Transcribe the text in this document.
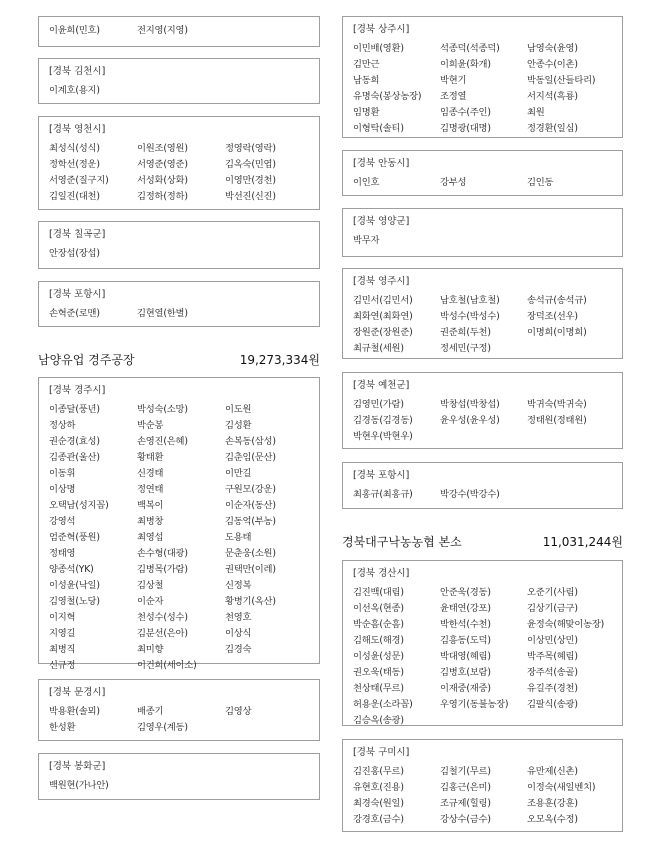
이윤희(민호)	전지영(지영)
[경북 김천시]
이계호(용지)
[경북 영천시]
최성식(성식)	이원조(영원)	정영락(영락)
정학선(정운)	서영준(영준)	김옥숙(민엽)
서영준(질구지)	서성화(상화)	이영만(경천)
김일진(대천)	김정하(정하)	박선진(신진)
[경북 칠곡군]
안장섭(장섭)
[경북 포항시]
손혁준(로맨)	김현열(한별)
남양유업 경주공장	19,273,334원
[경북 경주시]
이종달(풍년)	박성숙(소망)	이도원
정상하	박순봉	김성환
권순경(효성)	손영진(은혜)	손복동(삼성)
김종관(울산)	황태환	김춘임(문산)
이동휘	신경태	이만길
이상명	정연태	구원모(강운)
오택남(성지꼽)	백복이	이순자(동산)
강영석	최병창	김동억(부농)
엄준혁(풍원)	최영섭	도용태
정태영	손수형(대광)	문춘웅(소원)
양종석(YK)	김병목(가람)	권택만(이레)
이성윤(낙일)	김상철	신정복
김영철(노당)	이순자	황병기(옥산)
이지혁	천성수(성수)	천영호
지영길	김분선(은아)	이상식
최병직	최미향	김경숙
신규정	이건희(세이소)
[경북 문경시]
박용환(솔뫼)	배종기	김영상
한성환	김영우(계동)
[경북 봉화군]
백원현(가나안)
[경북 상주시]
이민배(영환)	석종덕(석종덕)	남영숙(윤영)
김만근	이희윤(화개)	안종수(이촌)
남동희	박현기	박동일(산들타리)
유명숙(봉상농장)	조정열	서지석(흑룡)
임명환	임종수(주인)	최원
이형탁(솔티)	김명광(대명)	정경환(일심)
[경북 안동시]
이인호	강부성	김인동
[경북 영양군]
박무자
[경북 영주시]
김민서(김민서)	남호철(남호철)	송석규(송석규)
최화연(최화연)	박성수(박성수)	장덕조(선우)
장원준(장원준)	권준희(두천)	이명희(이명희)
최규철(세원)	정세민(구정)
[경북 예천군]
김영민(가람)	박창섭(박창섭)	박귀숙(박귀숙)
김경동(김경동)	윤우성(윤우성)	정태원(정태원)
박현우(박현우)
[경북 포항시]
최홍규(최홍규)	박강수(박강수)
경북대구낙농농협 본소	11,031,244원
[경북 경산시]
김진백(대림)	안준욱(경동)	오준기(사림)
이선옥(현종)	윤태연(강포)	김상기(금구)
박순흠(순흠)	박한석(수천)	윤정숙(해맞이농장)
김해도(해경)	김흥동(도덕)	이상민(상민)
이성윤(성문)	박대영(혜림)	박주목(혜림)
권오욱(태동)	김병호(보람)	장주석(송골)
천상태(무르)	이재중(재중)	유길주(경천)
허용운(소라꼽)	우영기(동불농장)	김팔식(송광)
김승옥(송광)
[경북 구미시]
김진홍(무르)	김철기(무르)	유만제(신촌)
유현호(진용)	김홍근(은미)	이정숙(새일벤치)
최경숙(원일)	조규제(힐링)	조용훈(강훈)
강경호(금수)	강상수(금수)	오모옥(수정)
